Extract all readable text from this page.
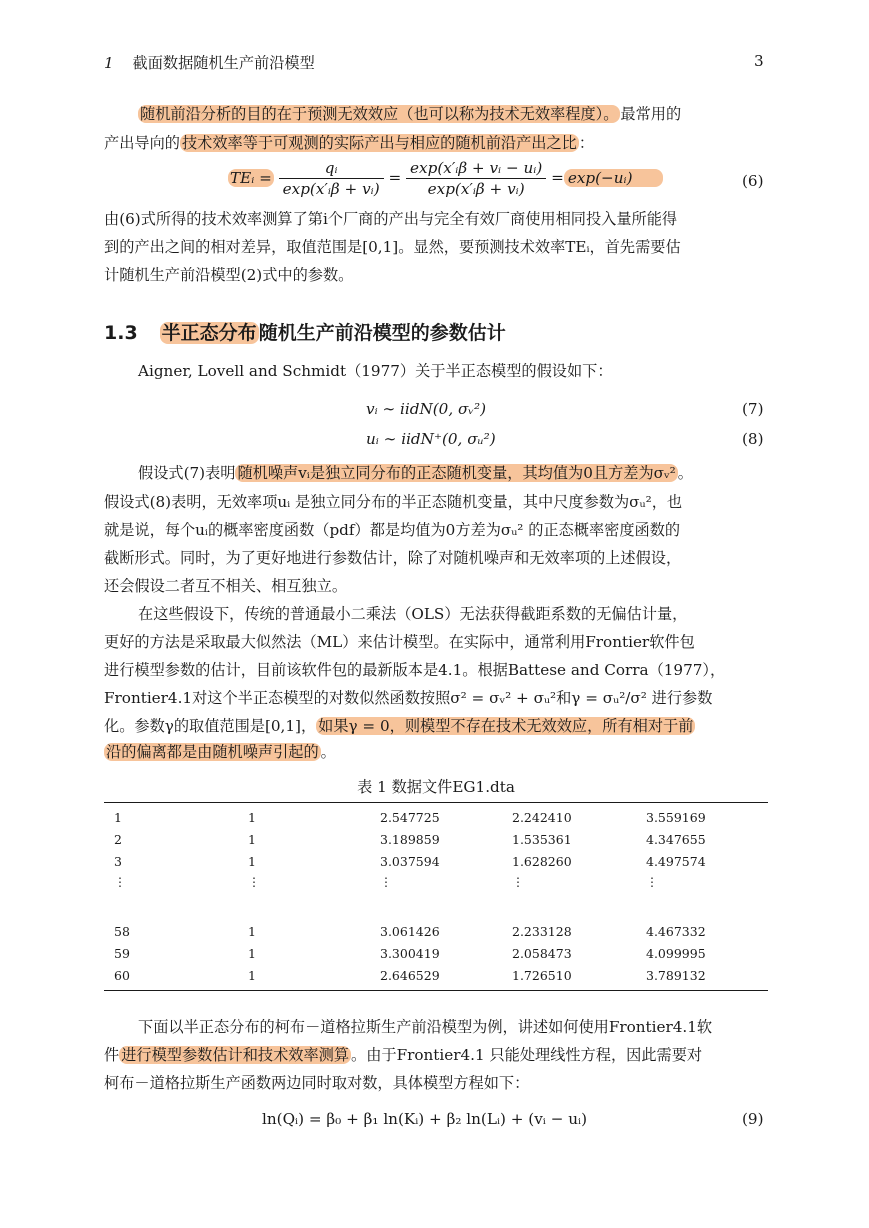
1 截面数据随机生产前沿模型	3
随机前沿分析的目的在于预测无效效应（也可以称为技术无效率程度）。 最常用的
产出导向的 技术效率等于可观测的实际产出与相应的随机前沿产出之比 ：
TEᵢ = $\frac{\text{qᵢ}}{\text{exp(x′ᵢβ + vᵢ)}} = \frac{\text{exp(x′ᵢβ + vᵢ − uᵢ)}}{\text{exp(x′ᵢβ + vᵢ)}}$ = exp(−uᵢ)	(6)
由(6)式所得的技术效率测算了第i个厂商的产出与完全有效厂商使用相同投入量所能得
到的产出之间的相对差异，取值范围是[0,1]。显然，要预测技术效率TEᵢ，首先需要估
计随机生产前沿模型(2)式中的参数。
1.3 半正态分布 随机生产前沿模型的参数估计
Aigner, Lovell and Schmidt（1977）关于半正态模型的假设如下：
vᵢ ∼ iidN(0, σᵥ²)	(7)
uᵢ ∼ iidN⁺(0, σᵤ²)	(8)
假设式(7)表明 随机噪声vᵢ是独立同分布的正态随机变量，其均值为0且方差为σᵥ² 。
假设式(8)表明，无效率项uᵢ 是独立同分布的半正态随机变量，其中尺度参数为σᵤ²，也
就是说，每个uᵢ的概率密度函数（pdf）都是均值为0方差为σᵤ² 的正态概率密度函数的
截断形式。同时，为了更好地进行参数估计，除了对随机噪声和无效率项的上述假设，
还会假设二者互不相关、相互独立。
在这些假设下，传统的普通最小二乘法（OLS）无法获得截距系数的无偏估计量，
更好的方法是采取最大似然法（ML）来估计模型。在实际中，通常利用Frontier软件包
进行模型参数的估计，目前该软件包的最新版本是4.1。根据Battese and Corra（1977），
Frontier4.1对这个半正态模型的对数似然函数按照σ² = σᵥ² + σᵤ²和γ = σᵤ²/σ² 进行参数
化。参数γ的取值范围是[0,1]， 如果γ = 0，则模型不存在技术无效效应，所有相对于前
沿的偏离都是由随机噪声引起的 。
表 1 数据文件EG1.dta
1	1	2.547725	2.242410	3.559169
2	1	3.189859	1.535361	4.347655
3	1	3.037594	1.628260	4.497574
⋮	⋮	⋮	⋮	⋮
58	1	3.061426	2.233128	4.467332
59	1	3.300419	2.058473	4.099995
60	1	2.646529	1.726510	3.789132
下面以半正态分布的柯布－道格拉斯生产前沿模型为例，讲述如何使用Frontier4.1软
件 进行模型参数估计和技术效率测算 。由于Frontier4.1 只能处理线性方程，因此需要对
柯布－道格拉斯生产函数两边同时取对数，具体模型方程如下：
ln(Qᵢ) = β₀ + β₁ ln(Kᵢ) + β₂ ln(Lᵢ) + (vᵢ − uᵢ)	(9)
